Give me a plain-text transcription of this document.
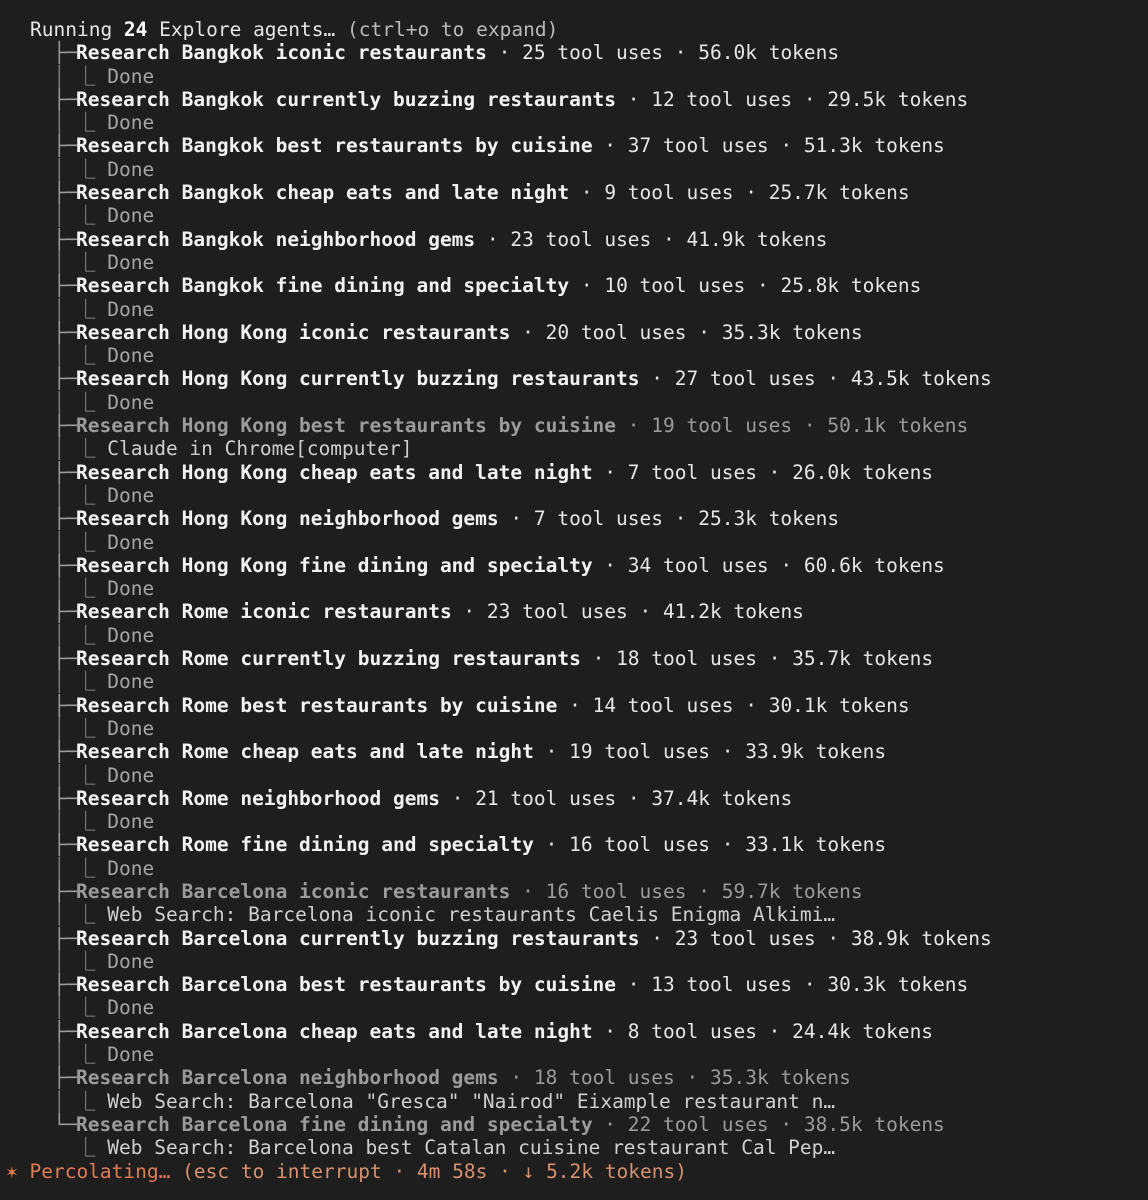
Running 24 Explore agents… (ctrl+o to expand)
├─Research Bangkok iconic restaurants · 25 tool uses · 56.0k tokens
│ ⎿ Done
├─Research Bangkok currently buzzing restaurants · 12 tool uses · 29.5k tokens
│ ⎿ Done
├─Research Bangkok best restaurants by cuisine · 37 tool uses · 51.3k tokens
│ ⎿ Done
├─Research Bangkok cheap eats and late night · 9 tool uses · 25.7k tokens
│ ⎿ Done
├─Research Bangkok neighborhood gems · 23 tool uses · 41.9k tokens
│ ⎿ Done
├─Research Bangkok fine dining and specialty · 10 tool uses · 25.8k tokens
│ ⎿ Done
├─Research Hong Kong iconic restaurants · 20 tool uses · 35.3k tokens
│ ⎿ Done
├─Research Hong Kong currently buzzing restaurants · 27 tool uses · 43.5k tokens
│ ⎿ Done
├─Research Hong Kong best restaurants by cuisine · 19 tool uses · 50.1k tokens
│ ⎿ Claude in Chrome[computer]
├─Research Hong Kong cheap eats and late night · 7 tool uses · 26.0k tokens
│ ⎿ Done
├─Research Hong Kong neighborhood gems · 7 tool uses · 25.3k tokens
│ ⎿ Done
├─Research Hong Kong fine dining and specialty · 34 tool uses · 60.6k tokens
│ ⎿ Done
├─Research Rome iconic restaurants · 23 tool uses · 41.2k tokens
│ ⎿ Done
├─Research Rome currently buzzing restaurants · 18 tool uses · 35.7k tokens
│ ⎿ Done
├─Research Rome best restaurants by cuisine · 14 tool uses · 30.1k tokens
│ ⎿ Done
├─Research Rome cheap eats and late night · 19 tool uses · 33.9k tokens
│ ⎿ Done
├─Research Rome neighborhood gems · 21 tool uses · 37.4k tokens
│ ⎿ Done
├─Research Rome fine dining and specialty · 16 tool uses · 33.1k tokens
│ ⎿ Done
├─Research Barcelona iconic restaurants · 16 tool uses · 59.7k tokens
│ ⎿ Web Search: Barcelona iconic restaurants Caelis Enigma Alkimi…
├─Research Barcelona currently buzzing restaurants · 23 tool uses · 38.9k tokens
│ ⎿ Done
├─Research Barcelona best restaurants by cuisine · 13 tool uses · 30.3k tokens
│ ⎿ Done
├─Research Barcelona cheap eats and late night · 8 tool uses · 24.4k tokens
│ ⎿ Done
├─Research Barcelona neighborhood gems · 18 tool uses · 35.3k tokens
│ ⎿ Web Search: Barcelona "Gresca" "Nairod" Eixample restaurant n…
└─Research Barcelona fine dining and specialty · 22 tool uses · 38.5k tokens
⎿ Web Search: Barcelona best Catalan cuisine restaurant Cal Pep…
✶ Percolating… (esc to interrupt · 4m 58s · ↓ 5.2k tokens)
